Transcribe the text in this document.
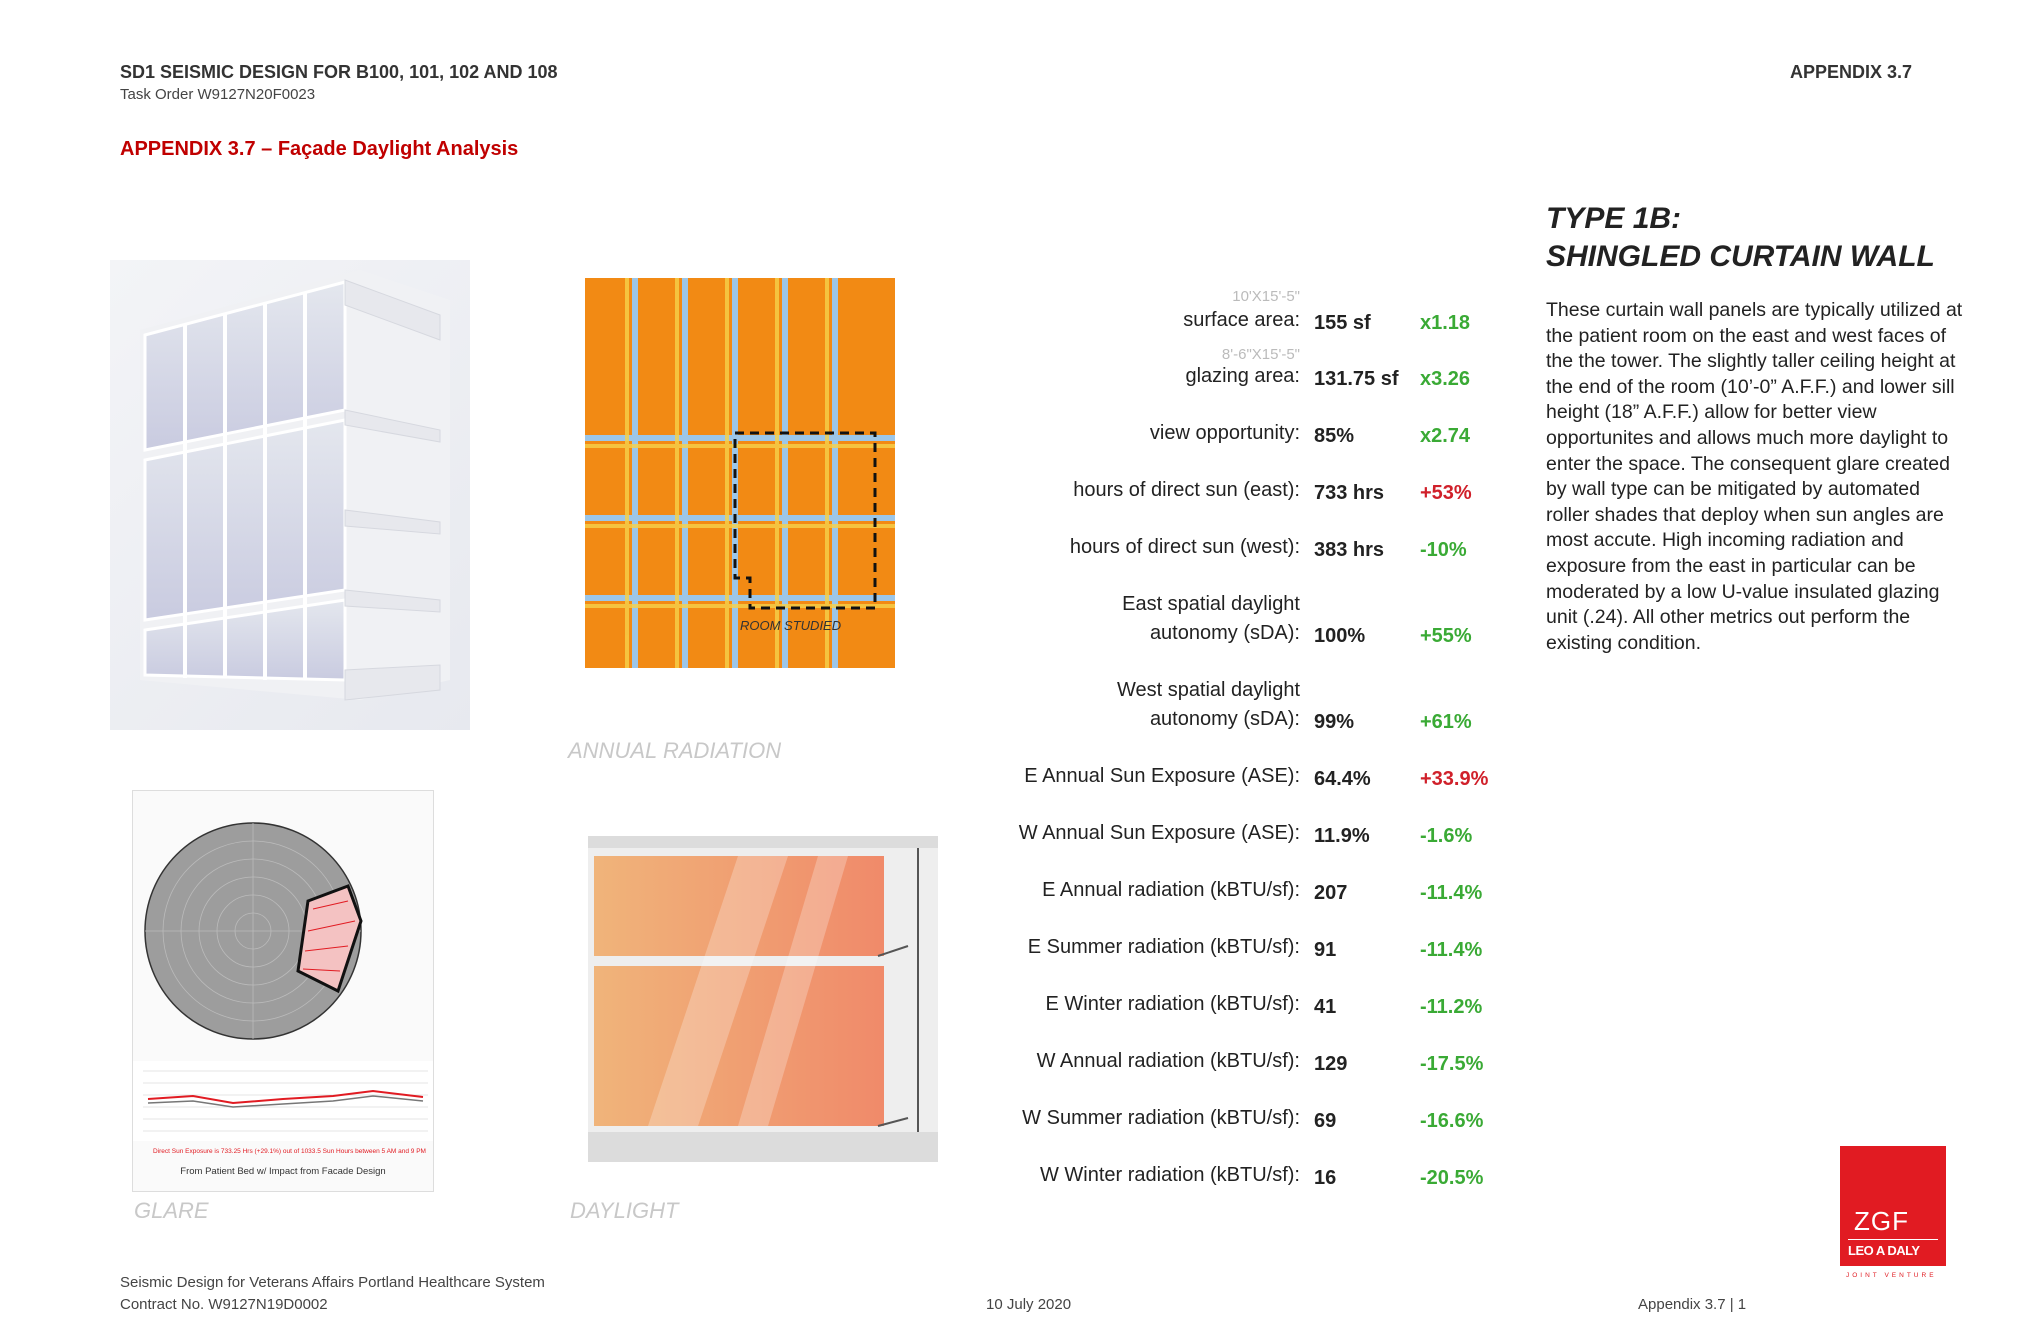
SD1 SEISMIC DESIGN FOR B100, 101, 102 AND 108
Task Order W9127N20F0023
APPENDIX 3.7
APPENDIX 3.7 – Façade Daylight Analysis
ROOM STUDIED
ANNUAL RADIATION
Direct Sun Exposure is 733.25 Hrs (+29.1%) out of 1033.5 Sun Hours between 5 AM and 9 PM
From Patient Bed w/ Impact from Facade Design
GLARE	DAYLIGHT
10'X15'-5"
8'-6"X15'-5"
surface area: 155 sf x1.18
glazing area: 131.75 sf x3.26
view opportunity: 85%	x2.74
hours of direct sun (east): 733 hrs +53%
hours of direct sun (west): 383 hrs -10%
East spatial daylight
autonomy (sDA): 100%	+55%
West spatial daylight
autonomy (sDA): 99%	+61%
E Annual Sun Exposure (ASE): 64.4% +33.9%
W Annual Sun Exposure (ASE): 11.9%	-1.6%
E Annual radiation (kBTU/sf): 207	-11.4%
E Summer radiation (kBTU/sf): 91	-11.4%
E Winter radiation (kBTU/sf): 41	-11.2%
W Annual radiation (kBTU/sf): 129	-17.5%
W Summer radiation (kBTU/sf): 69	-16.6%
W Winter radiation (kBTU/sf): 16	-20.5%
TYPE 1B:
SHINGLED CURTAIN WALL
These curtain wall panels are typically utilized at the patient room on the east and west faces of the the tower. The slightly taller ceiling height at the end of the room (10’-0” A.F.F.) and lower sill height (18” A.F.F.) allow for better view opportunites and allows much more daylight to enter the space. The consequent glare created by wall type can be mitigated by automated roller shades that deploy when sun angles are most accute. High incoming radiation and exposure from the east in particular can be moderated by a low U-value insulated glazing unit (.24). All other metrics out perform the existing condition.
Seismic Design for Veterans Affairs Portland Healthcare System
Contract No. W9127N19D0002	10 July 2020	Appendix 3.7 | 1
ZGF
LEO A DALY
JOINT VENTURE
